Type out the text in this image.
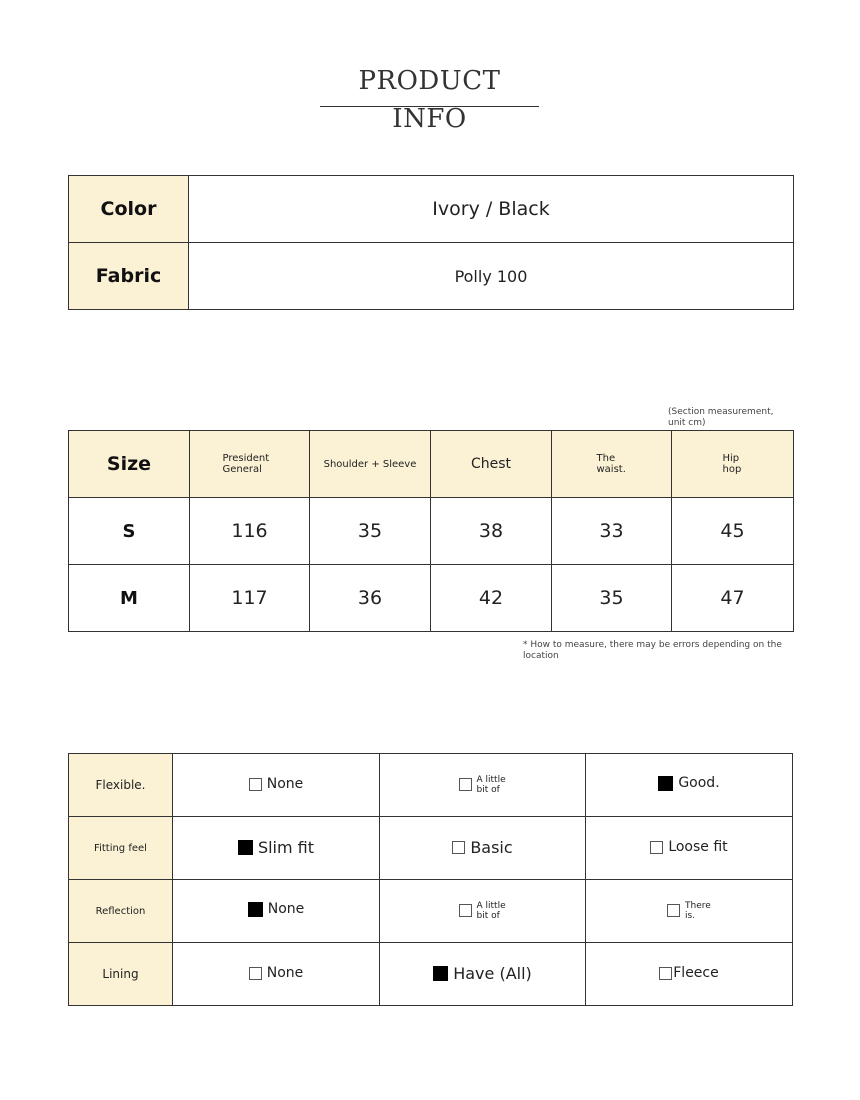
PRODUCT INFO
Color	Ivory / Black
Fabric	Polly 100
(Section measurement, unit cm)
Size	President General	Shoulder + Sleeve	Chest	The waist.	Hip hop
S	116	35	38	33	45
M	117	36	42	35	47
* How to measure, there may be errors depending on the location
Flexible.	None	A little bit of	Good.

Fitting feel	Slim fit	Basic	Loose fit

Reflection	None	A little bit of	There is.

Lining	None	Have (All)	Fleece
